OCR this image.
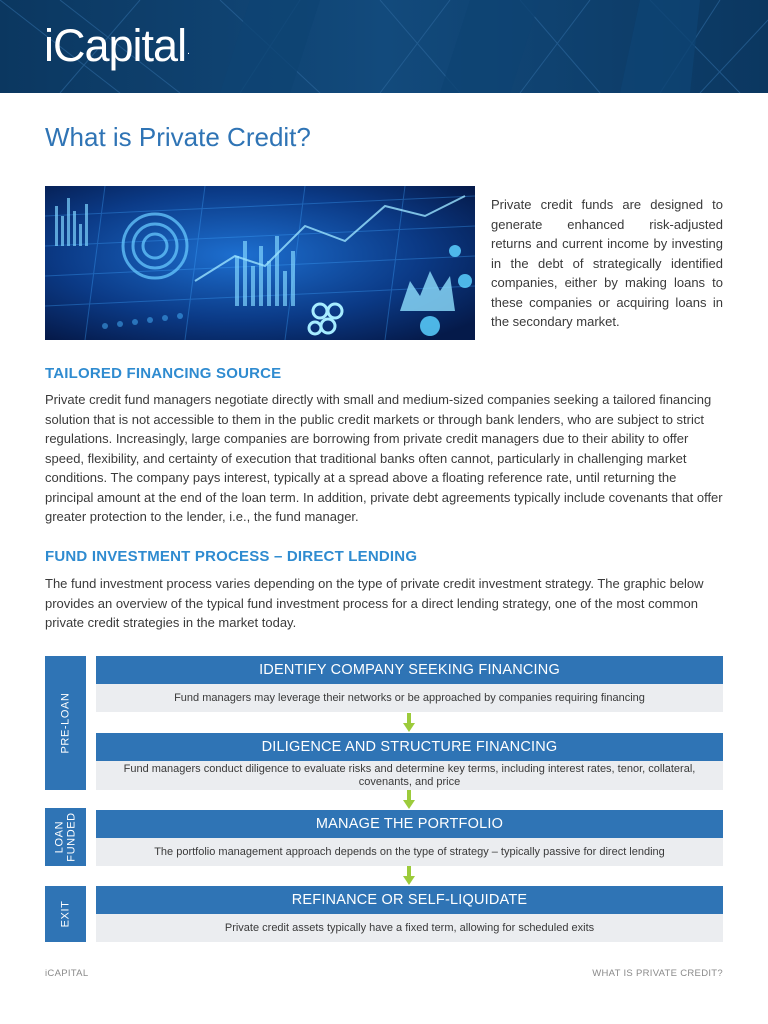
iCapital.
What is Private Credit?

Private credit funds are designed to generate enhanced risk-adjusted returns and current income by investing in the debt of strategically identified companies, either by making loans to these companies or acquiring loans in the secondary market.

TAILORED FINANCING SOURCE

Private credit fund managers negotiate directly with small and medium-sized companies seeking a tailored financing solution that is not accessible to them in the public credit markets or through bank lenders, who are subject to strict regulations. Increasingly, large companies are borrowing from private credit managers due to their ability to offer speed, flexibility, and certainty of execution that traditional banks often cannot, particularly in challenging market conditions. The company pays interest, typically at a spread above a floating reference rate, until returning the principal amount at the end of the loan term. In addition, private debt agreements typically include covenants that offer greater protection to the lender, i.e., the fund manager.

FUND INVESTMENT PROCESS – DIRECT LENDING

The fund investment process varies depending on the type of private credit investment strategy. The graphic below provides an overview of the typical fund investment process for a direct lending strategy, one of the most common private credit strategies in the market today.

PRE-LOAN
LOAN FUNDED
EXIT
IDENTIFY COMPANY SEEKING FINANCING
Fund managers may leverage their networks or be approached by companies requiring financing
DILIGENCE AND STRUCTURE FINANCING
Fund managers conduct diligence to evaluate risks and determine key terms, including interest rates, tenor, collateral, covenants, and price
MANAGE THE PORTFOLIO
The portfolio management approach depends on the type of strategy – typically passive for direct lending
REFINANCE OR SELF-LIQUIDATE
Private credit assets typically have a fixed term, allowing for scheduled exits
iCAPITAL	WHAT IS PRIVATE CREDIT?
